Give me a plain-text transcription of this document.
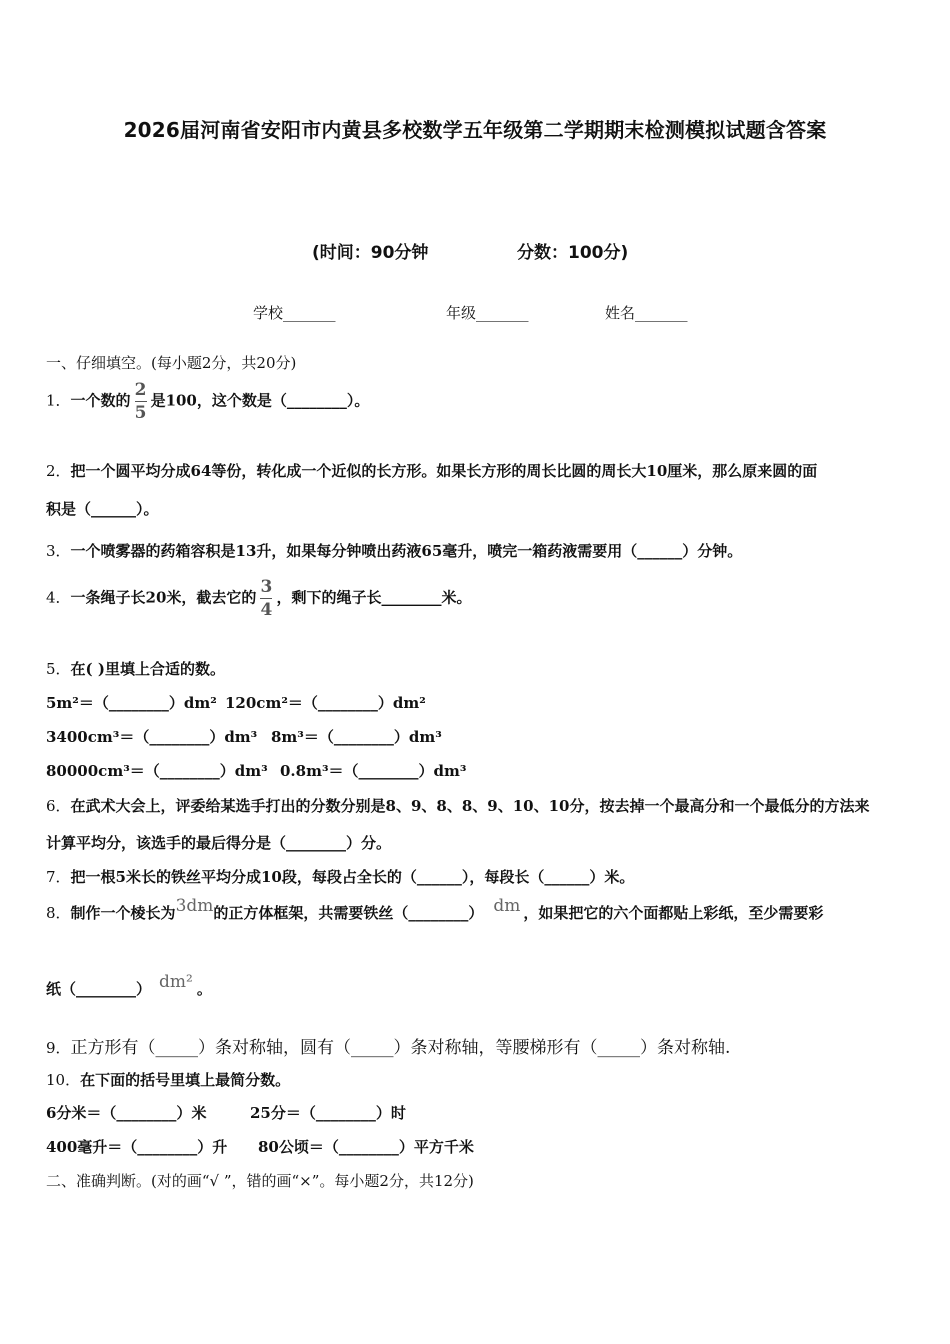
2026届河南省安阳市内黄县多校数学五年级第二学期期末检测模拟试题含答案
(时间：90分钟	分数：100分)
学校_______	年级_______	姓名_______
一、仔细填空。(每小题2分，共20分)
1．一个数的 $\frac{2}{5}$ 是100，这个数是（________）。
2．把一个圆平均分成64等份，转化成一个近似的长方形。如果长方形的周长比圆的周长大10厘米，那么原来圆的面
积是（______）。
3．一个喷雾器的药箱容积是13升，如果每分钟喷出药液65毫升，喷完一箱药液需要用（______）分钟。
4．一条绳子长20米，截去它的 $\frac{3}{4}$ ，剩下的绳子长________米。
5．在( )里填上合适的数。
5m²＝（________）dm² 120cm²＝（________）dm²
3400cm³＝（________）dm³ 8m³＝（________）dm³
80000cm³＝（________）dm³ 0.8m³＝（________）dm³
6．在武术大会上，评委给某选手打出的分数分别是8、9、8、8、9、10、10分，按去掉一个最高分和一个最低分的方法来
计算平均分，该选手的最后得分是（________）分。
7．把一根5米长的铁丝平均分成10段，每段占全长的（______），每段长（______）米。
8．制作一个棱长为3dm的正方体框架，共需要铁丝（________） dm ，如果把它的六个面都贴上彩纸，至少需要彩
纸（________） dm² 。
9．正方形有（_____）条对称轴，圆有（_____）条对称轴，等腰梯形有（_____）条对称轴.
10．在下面的括号里填上最简分数。
6分米＝（________）米	25分＝（________）时
400毫升＝（________）升 80公顷＝（________）平方千米
二、准确判断。(对的画“√ ”，错的画“×”。每小题2分，共12分)
